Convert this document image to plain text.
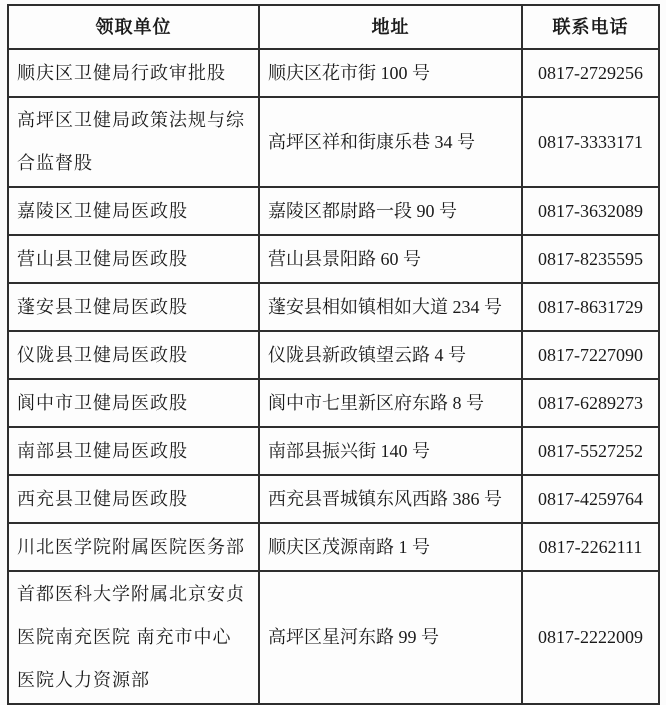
领取单位	地址	联系电话
顺庆区卫健局行政审批股	顺庆区花市街 100 号	0817-2729256
高坪区卫健局政策法规与综合监督股	高坪区祥和街康乐巷 34 号	0817-3333171
嘉陵区卫健局医政股	嘉陵区都尉路一段 90 号	0817-3632089
营山县卫健局医政股	营山县景阳路 60 号	0817-8235595
蓬安县卫健局医政股	蓬安县相如镇相如大道 234 号	0817-8631729
仪陇县卫健局医政股	仪陇县新政镇望云路 4 号	0817-7227090
阆中市卫健局医政股	阆中市七里新区府东路 8 号	0817-6289273
南部县卫健局医政股	南部县振兴街 140 号	0817-5527252
西充县卫健局医政股	西充县晋城镇东风西路 386 号	0817-4259764
川北医学院附属医院医务部	顺庆区茂源南路 1 号	0817-2262111
首都医科大学附属北京安贞医院南充医院 南充市中心医院人力资源部	高坪区星河东路 99 号	0817-2222009
